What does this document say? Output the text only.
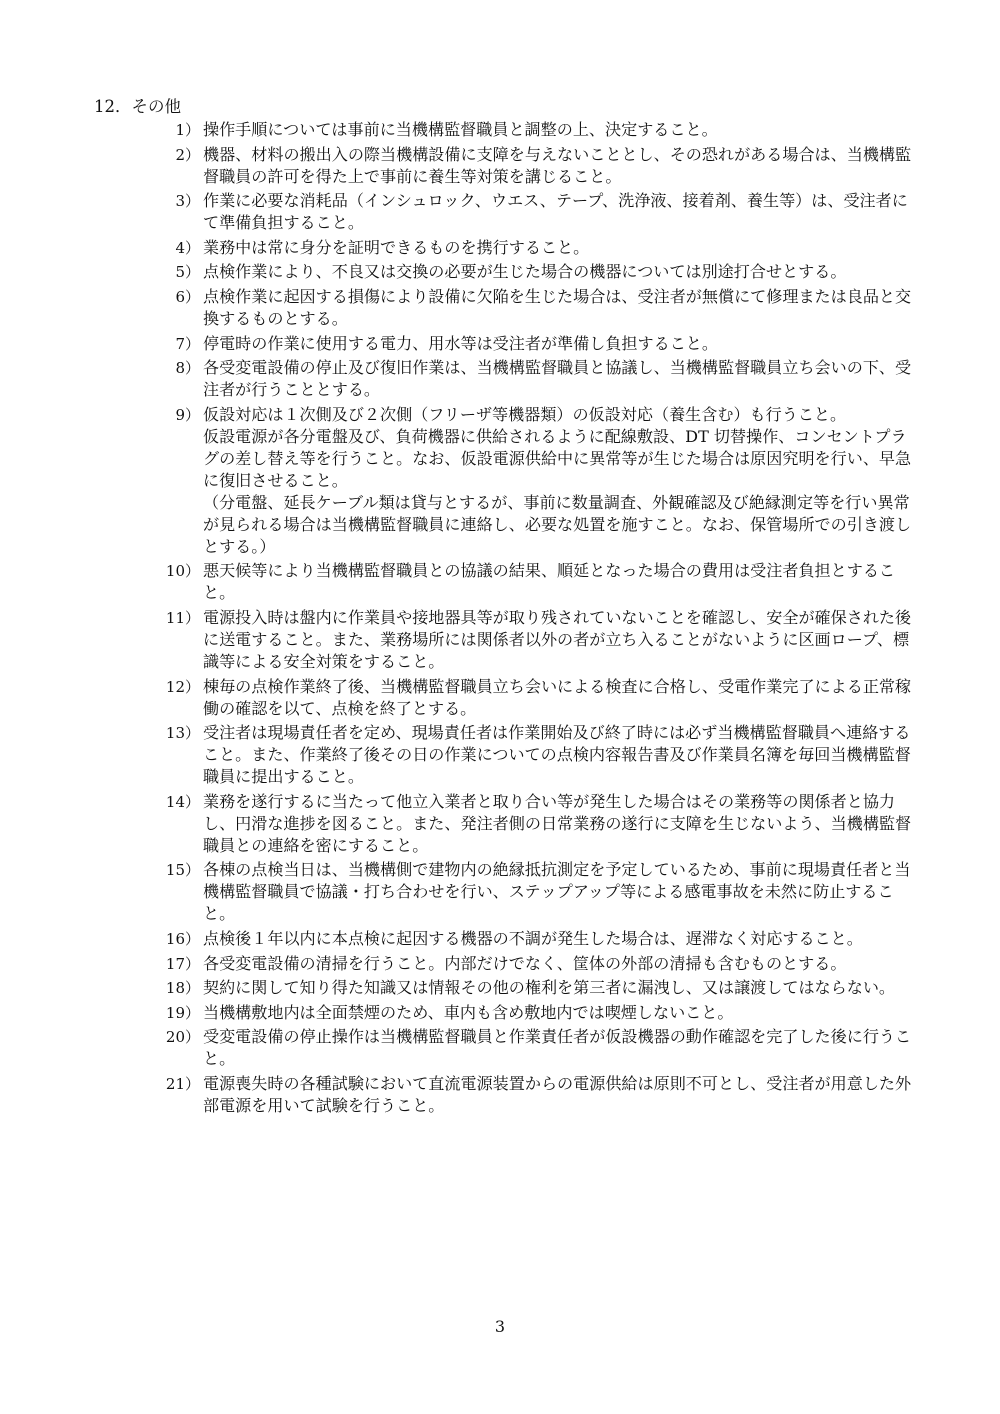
12．その他
1） 操作手順については事前に当機構監督職員と調整の上、決定すること。
2） 機器、材料の搬出入の際当機構設備に支障を与えないこととし、その恐れがある場合は、当機構監督職員の許可を得た上で事前に養生等対策を講じること。
3） 作業に必要な消耗品（インシュロック、ウエス、テープ、洗浄液、接着剤、養生等）は、受注者にて準備負担すること。
4） 業務中は常に身分を証明できるものを携行すること。
5） 点検作業により、不良又は交換の必要が生じた場合の機器については別途打合せとする。
6） 点検作業に起因する損傷により設備に欠陥を生じた場合は、受注者が無償にて修理または良品と交換するものとする。
7） 停電時の作業に使用する電力、用水等は受注者が準備し負担すること。
8） 各受変電設備の停止及び復旧作業は、当機構監督職員と協議し、当機構監督職員立ち会いの下、受注者が行うこととする。
9） 仮設対応は１次側及び２次側（フリーザ等機器類）の仮設対応（養生含む）も行うこと。
仮設電源が各分電盤及び、負荷機器に供給されるように配線敷設、DT 切替操作、コンセントプラグの差し替え等を行うこと。なお、仮設電源供給中に異常等が生じた場合は原因究明を行い、早急に復旧させること。
（分電盤、延長ケーブル類は貸与とするが、事前に数量調査、外観確認及び絶縁測定等を行い異常が見られる場合は当機構監督職員に連絡し、必要な処置を施すこと。なお、保管場所での引き渡しとする。）
10） 悪天候等により当機構監督職員との協議の結果、順延となった場合の費用は受注者負担とすること。
11） 電源投入時は盤内に作業員や接地器具等が取り残されていないことを確認し、安全が確保された後に送電すること。また、業務場所には関係者以外の者が立ち入ることがないように区画ロープ、標識等による安全対策をすること。
12） 棟毎の点検作業終了後、当機構監督職員立ち会いによる検査に合格し、受電作業完了による正常稼働の確認を以て、点検を終了とする。
13） 受注者は現場責任者を定め、現場責任者は作業開始及び終了時には必ず当機構監督職員へ連絡すること。また、作業終了後その日の作業についての点検内容報告書及び作業員名簿を毎回当機構監督職員に提出すること。
14） 業務を遂行するに当たって他立入業者と取り合い等が発生した場合はその業務等の関係者と協力し、円滑な進捗を図ること。また、発注者側の日常業務の遂行に支障を生じないよう、当機構監督職員との連絡を密にすること。
15） 各棟の点検当日は、当機構側で建物内の絶縁抵抗測定を予定しているため、事前に現場責任者と当機構監督職員で協議・打ち合わせを行い、ステップアップ等による感電事故を未然に防止すること。
16） 点検後１年以内に本点検に起因する機器の不調が発生した場合は、遅滞なく対応すること。
17） 各受変電設備の清掃を行うこと。内部だけでなく、筐体の外部の清掃も含むものとする。
18） 契約に関して知り得た知識又は情報その他の権利を第三者に漏洩し、又は譲渡してはならない。
19） 当機構敷地内は全面禁煙のため、車内も含め敷地内では喫煙しないこと。
20） 受変電設備の停止操作は当機構監督職員と作業責任者が仮設機器の動作確認を完了した後に行うこと。
21） 電源喪失時の各種試験において直流電源装置からの電源供給は原則不可とし、受注者が用意した外部電源を用いて試験を行うこと。
3
